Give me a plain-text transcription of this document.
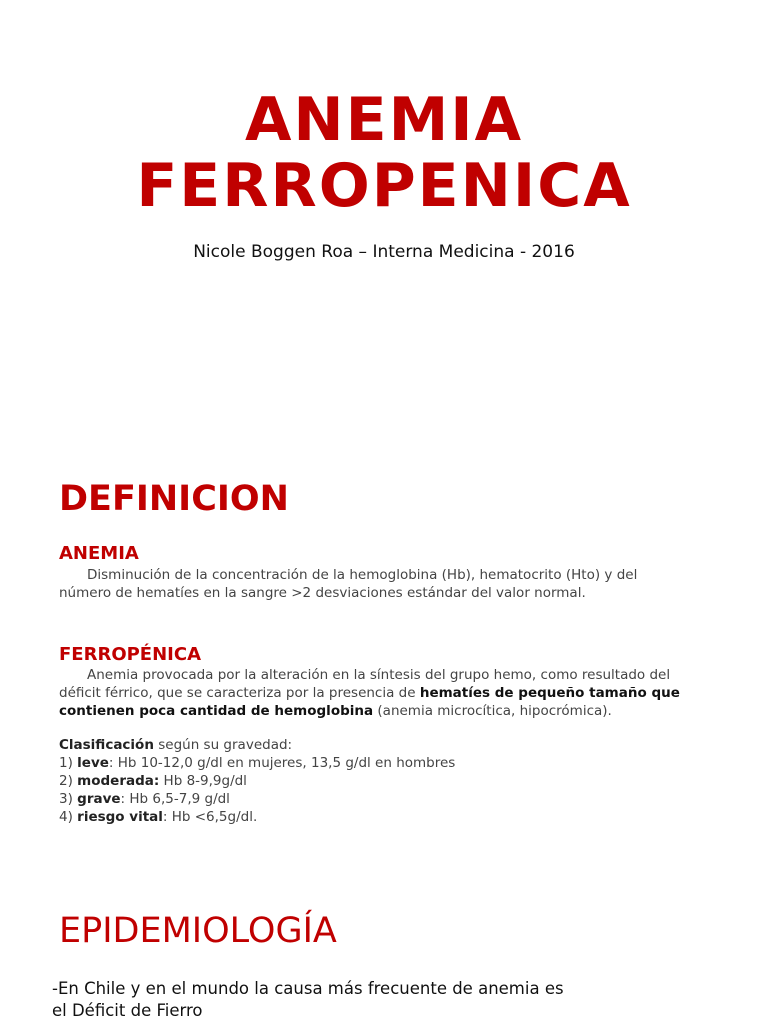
ANEMIA
FERROPENICA

Nicole Boggen Roa – Interna Medicina - 2016

DEFINICION
ANEMIA
Disminución de la concentración de la hemoglobina (Hb), hematocrito (Hto) y del
número de hematíes en la sangre >2 desviaciones estándar del valor normal.
FERROPÉNICA
Anemia provocada por la alteración en la síntesis del grupo hemo, como resultado del
déficit férrico, que se caracteriza por la presencia de hematíes de pequeño tamaño que
contienen poca cantidad de hemoglobina (anemia microcítica, hipocrómica).
Clasificación según su gravedad:
1) leve: Hb 10-12,0 g/dl en mujeres, 13,5 g/dl en hombres
2) moderada: Hb 8-9,9g/dl
3) grave: Hb 6,5-7,9 g/dl
4) riesgo vital: Hb <6,5g/dl.
EPIDEMIOLOGÍA
-En Chile y en el mundo la causa más frecuente de anemia es
el Déficit de Fierro
